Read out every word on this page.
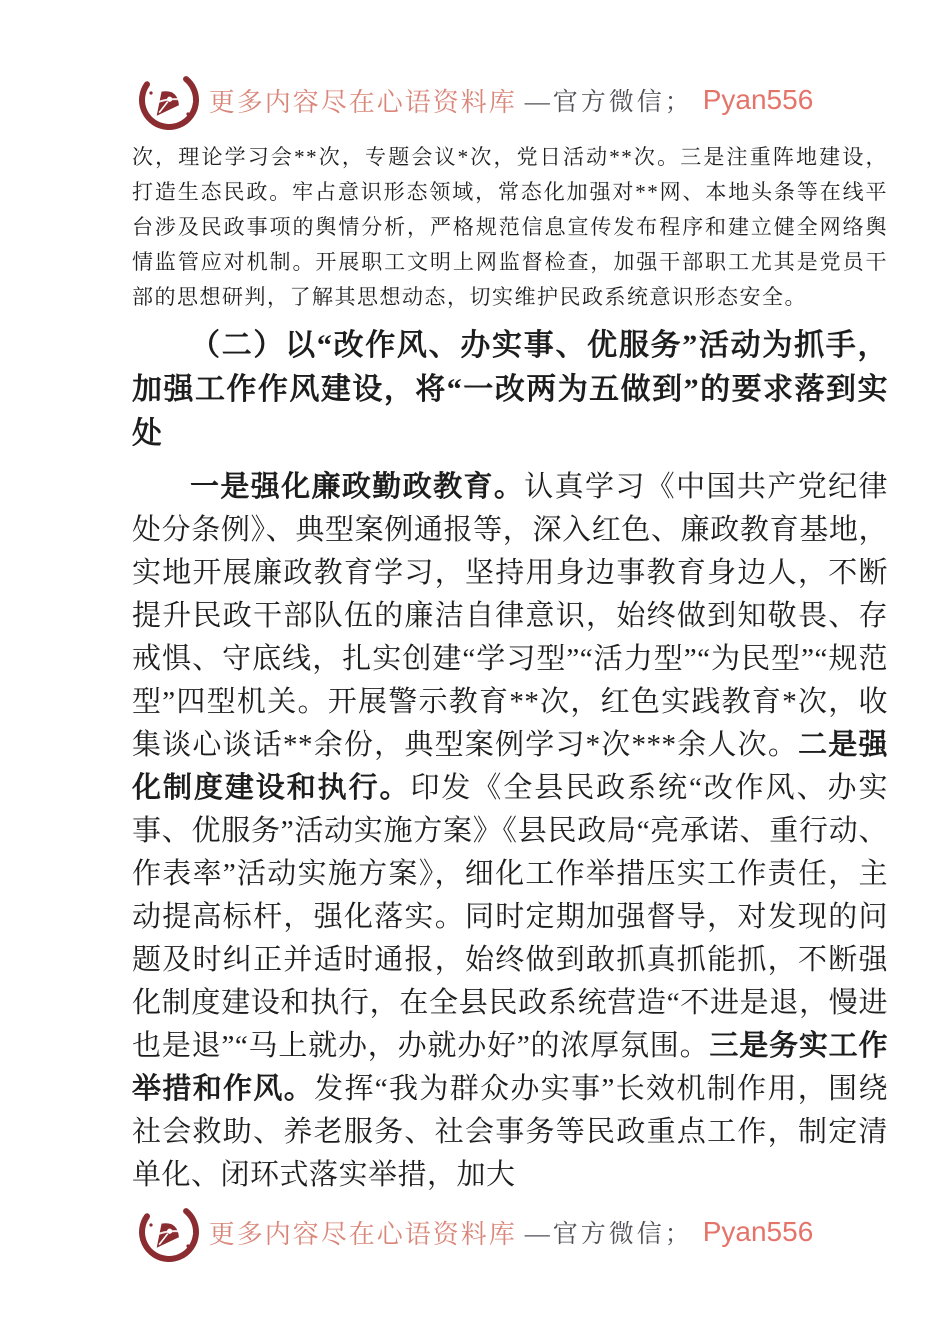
更多内容尽在心语资料库 —官方微信； Pyan556

次，理论学习会**次，专题会议*次，党日活动**次。三是注重阵地建设，打造生态民政。牢占意识形态领域，常态化加强对**网、本地头条等在线平台涉及民政事项的舆情分析，严格规范信息宣传发布程序和建立健全网络舆情监管应对机制。开展职工文明上网监督检查，加强干部职工尤其是党员干部的思想研判，了解其思想动态，切实维护民政系统意识形态安全。

（二）以“改作风、办实事、优服务”活动为抓手，加强工作作风建设，将“一改两为五做到”的要求落到实处

一是强化廉政勤政教育。认真学习《中国共产党纪律处分条例》、典型案例通报等，深入红色、廉政教育基地，实地开展廉政教育学习，坚持用身边事教育身边人，不断提升民政干部队伍的廉洁自律意识，始终做到知敬畏、存戒惧、守底线，扎实创建“学习型”“活力型”“为民型”“规范型”四型机关。开展警示教育**次，红色实践教育*次，收集谈心谈话**余份，典型案例学习*次***余人次。二是强化制度建设和执行。印发《全县民政系统“改作风、办实事、优服务”活动实施方案》《县民政局“亮承诺、重行动、作表率”活动实施方案》，细化工作举措压实工作责任，主动提高标杆，强化落实。同时定期加强督导，对发现的问题及时纠正并适时通报，始终做到敢抓真抓能抓，不断强化制度建设和执行，在全县民政系统营造“不进是退，慢进也是退”“马上就办，办就办好”的浓厚氛围。三是务实工作举措和作风。发挥“我为群众办实事”长效机制作用，围绕社会救助、养老服务、社会事务等民政重点工作，制定清单化、闭环式落实举措，加大

更多内容尽在心语资料库 —官方微信； Pyan556
